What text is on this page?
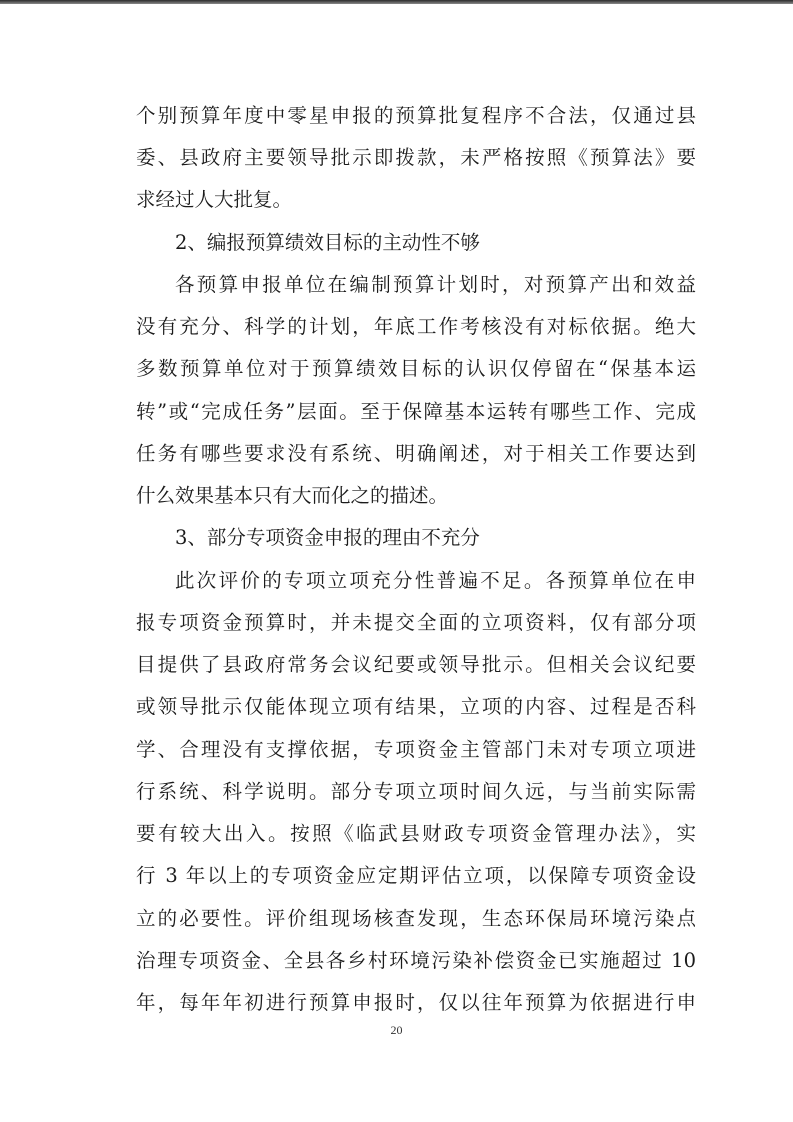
个别预算年度中零星申报的预算批复程序不合法，仅通过县
委、县政府主要领导批示即拨款，未严格按照《预算法》要
求经过人大批复。
2、编报预算绩效目标的主动性不够
各预算申报单位在编制预算计划时，对预算产出和效益
没有充分、科学的计划，年底工作考核没有对标依据。绝大
多数预算单位对于预算绩效目标的认识仅停留在“保基本运
转”或“完成任务”层面。至于保障基本运转有哪些工作、完成
任务有哪些要求没有系统、明确阐述，对于相关工作要达到
什么效果基本只有大而化之的描述。
3、部分专项资金申报的理由不充分
此次评价的专项立项充分性普遍不足。各预算单位在申
报专项资金预算时，并未提交全面的立项资料，仅有部分项
目提供了县政府常务会议纪要或领导批示。但相关会议纪要
或领导批示仅能体现立项有结果，立项的内容、过程是否科
学、合理没有支撑依据，专项资金主管部门未对专项立项进
行系统、科学说明。部分专项立项时间久远，与当前实际需
要有较大出入。按照《临武县财政专项资金管理办法》，实
行 3 年以上的专项资金应定期评估立项，以保障专项资金设
立的必要性。评价组现场核查发现，生态环保局环境污染点
治理专项资金、全县各乡村环境污染补偿资金已实施超过 10
年，每年年初进行预算申报时，仅以往年预算为依据进行申
20
